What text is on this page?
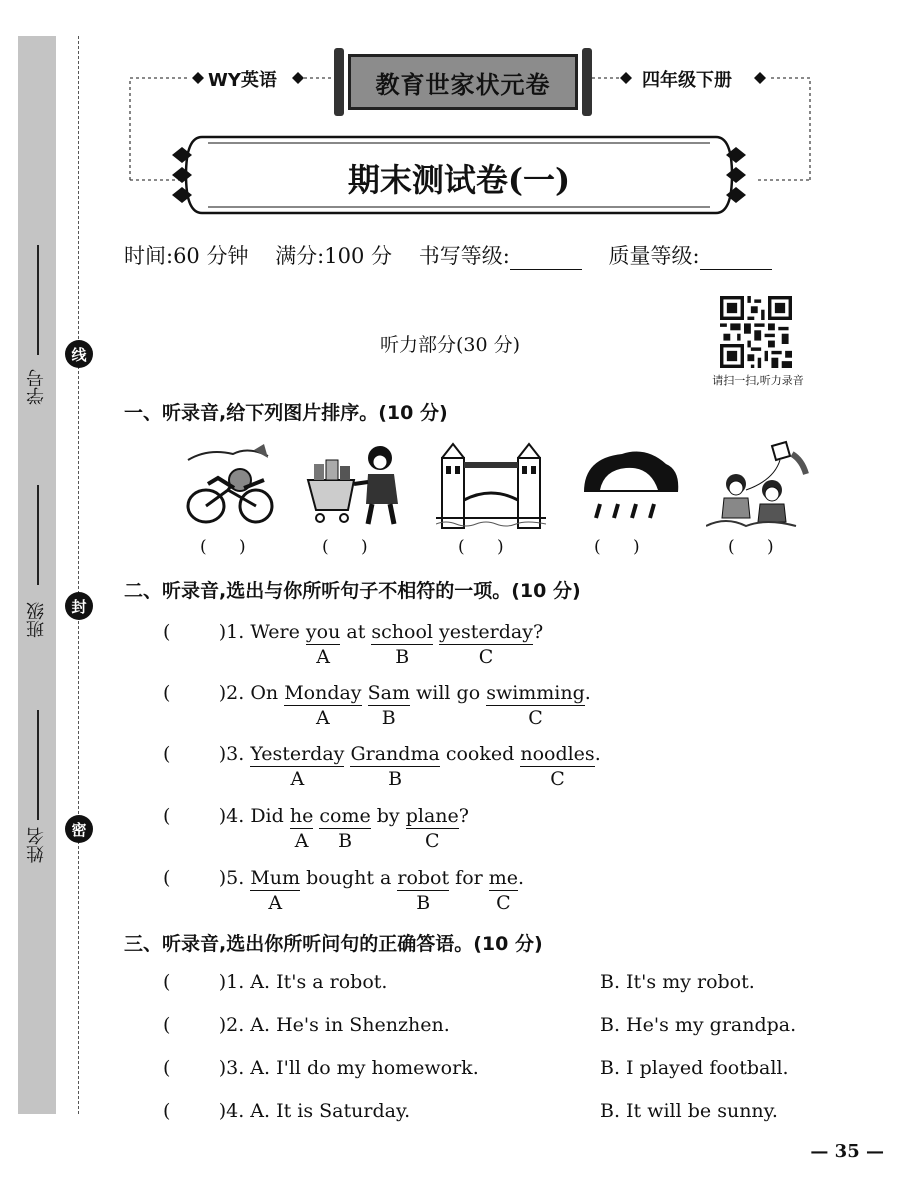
学号
班级
姓名
线
封
密
WY英语	教育世家状元卷	四年级下册
期末测试卷(一)
时间:60 分钟 满分:100 分 书写等级:	质量等级:
听力部分(30 分)
请扫一扫,听力录音
一、听录音,给下列图片排序。(10 分)
(      )	(      )	(      )	(      )	(      )
二、听录音,选出与你所听句子不相符的一项。(10 分)
(        )1. Were you
A
at school
B
yesterday
C
?
(        )2. On Monday
A
Sam
B
will go swimming
C
.
(        )3. Yesterday
A
Grandma
B
cooked noodles
C
.
(        )4. Did he
A
come
B
by plane
C
?
(        )5. Mum
A
bought a robot
B
for me
C
.
三、听录音,选出你所听问句的正确答语。(10 分)
(        )1. A. It's a robot.	B. It's my robot.
(        )2. A. He's in Shenzhen.	B. He's my grandpa.
(        )3. A. I'll do my homework.	B. I played football.
(        )4. A. It is Saturday.	B. It will be sunny.
— 35 —
